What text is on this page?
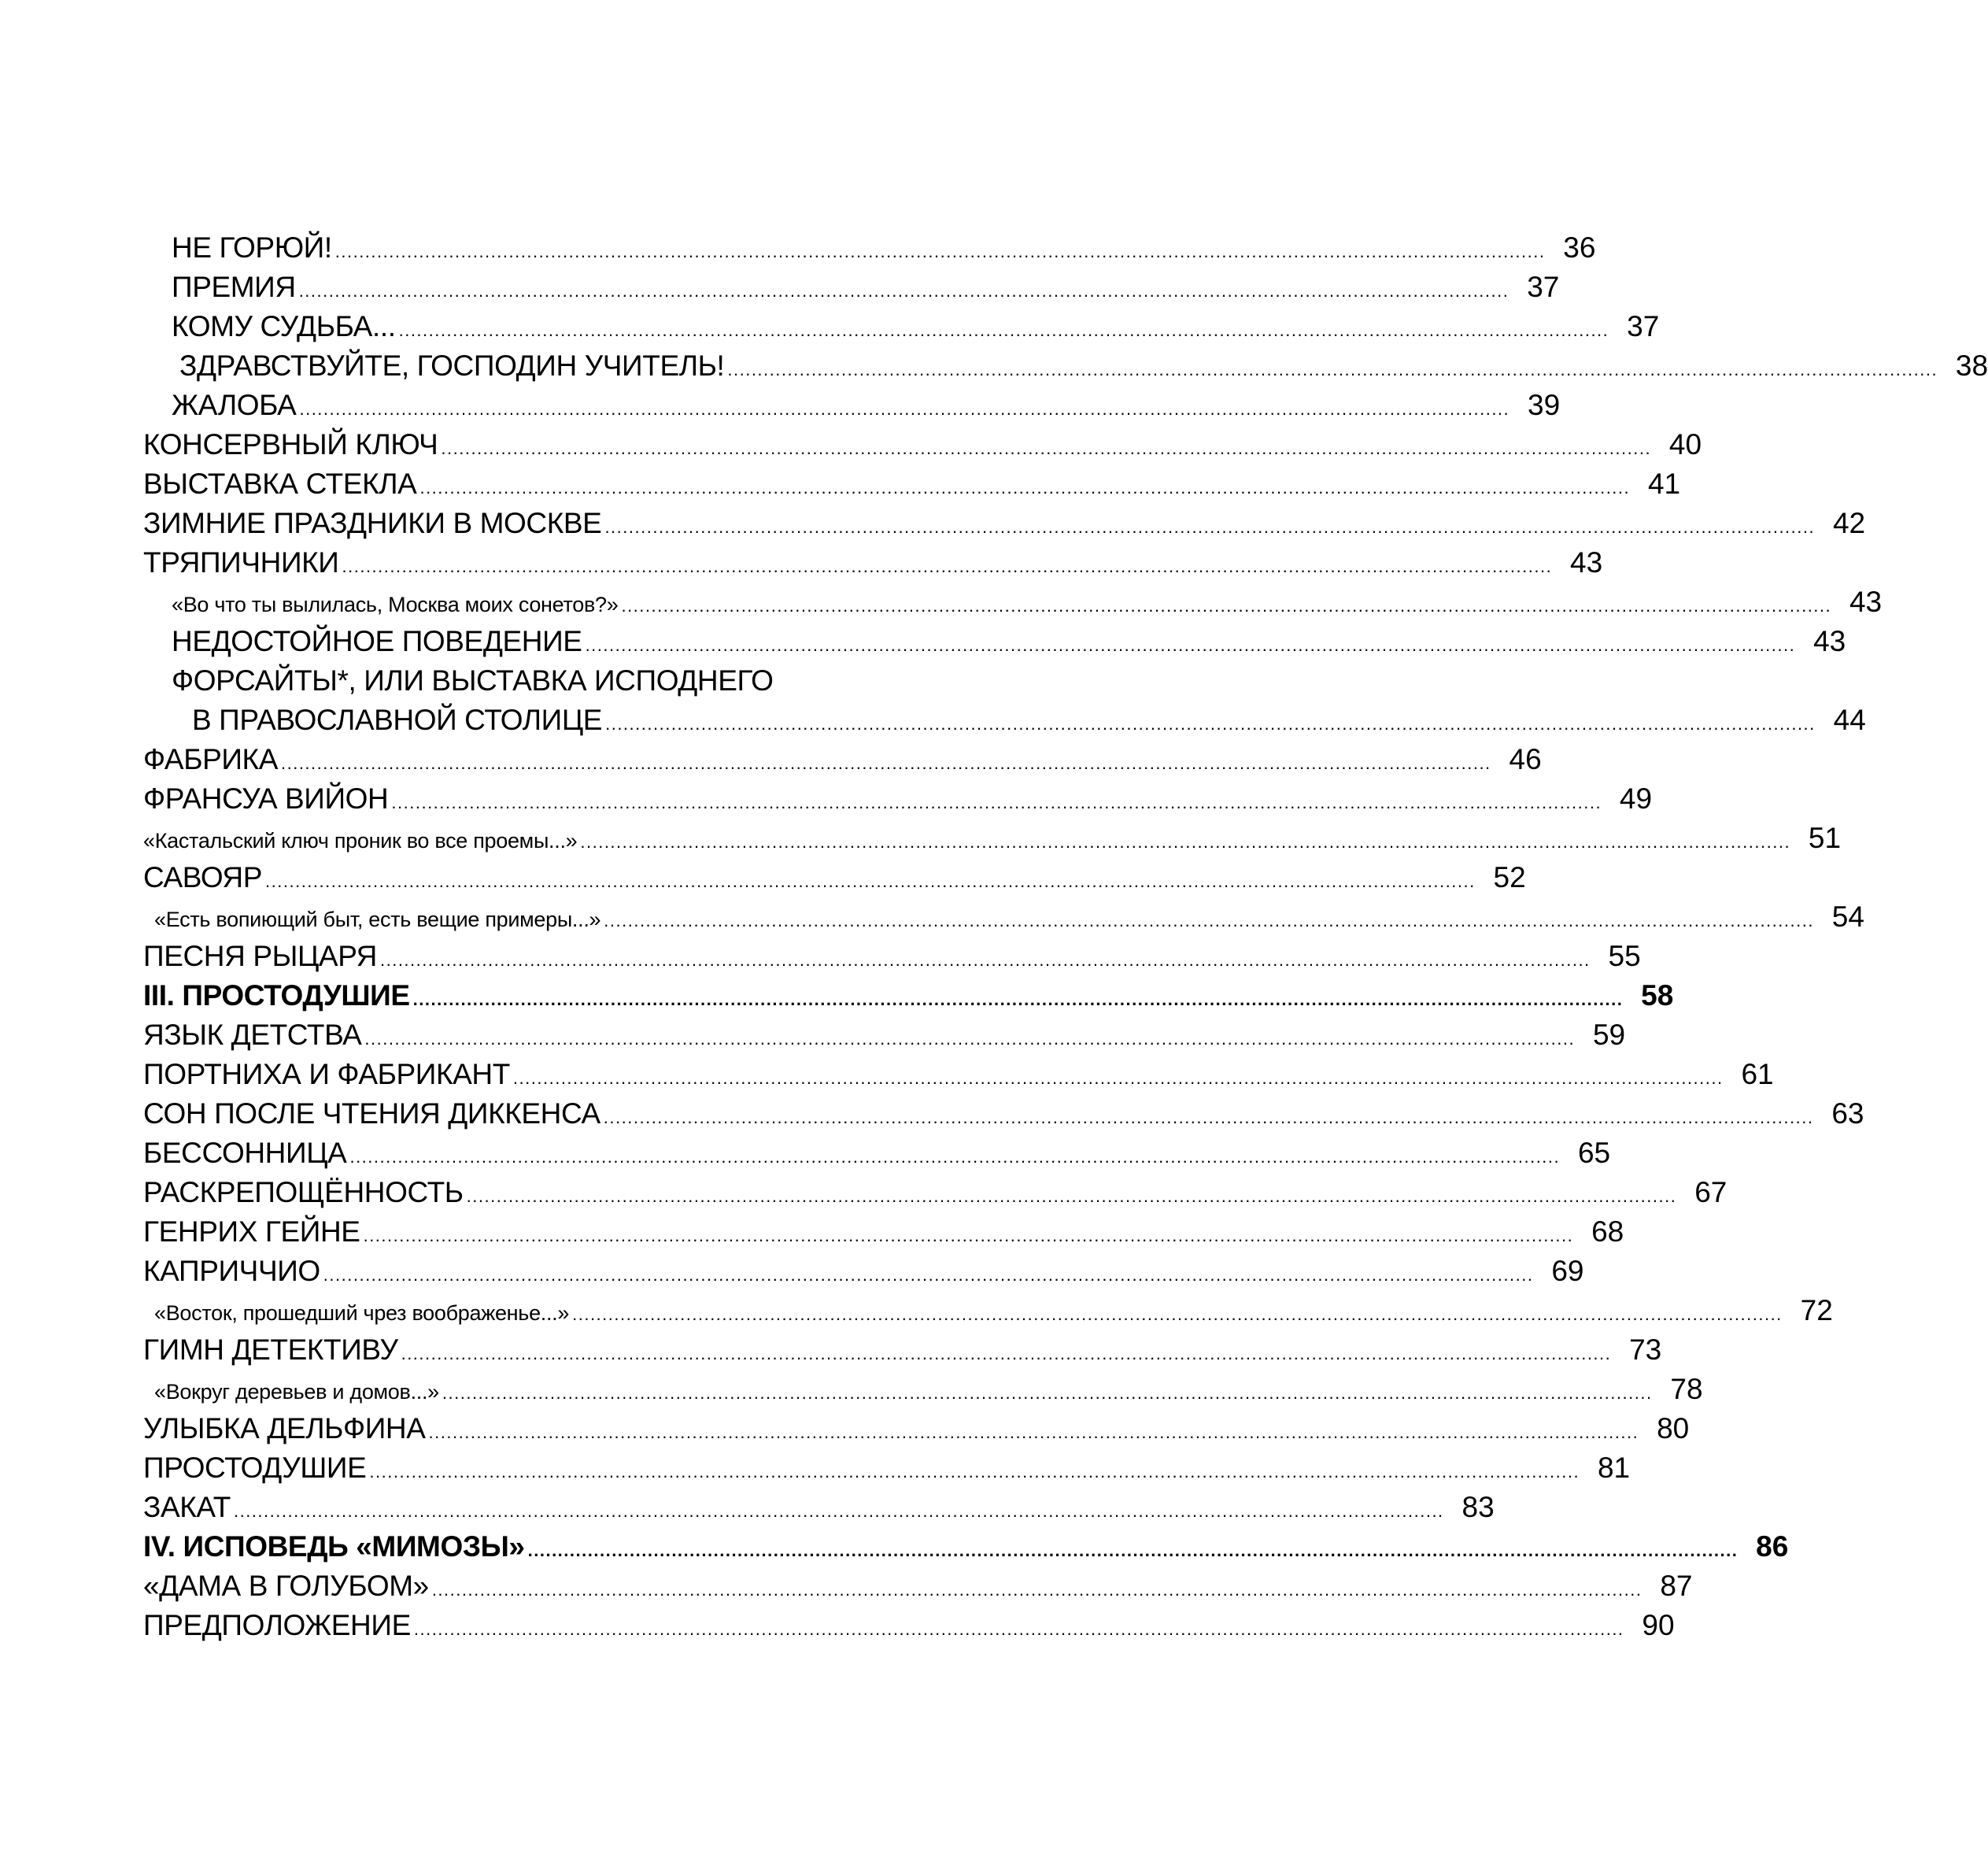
НЕ ГОРЮЙ! .......................................................................................................................................................................................................... 36
ПРЕМИЯ .......................................................................................................................................................................................................... 37
КОМУ СУДЬБА... .......................................................................................................................................................................................................... 37
ЗДРАВСТВУЙТЕ, ГОСПОДИН УЧИТЕЛЬ! .......................................................................................................................................................................................................... 38
ЖАЛОБА .......................................................................................................................................................................................................... 39
КОНСЕРВНЫЙ КЛЮЧ .......................................................................................................................................................................................................... 40
ВЫСТАВКА СТЕКЛА .......................................................................................................................................................................................................... 41
ЗИМНИЕ ПРАЗДНИКИ В МОСКВЕ .......................................................................................................................................................................................................... 42
ТРЯПИЧНИКИ .......................................................................................................................................................................................................... 43
«Во что ты вылилась, Москва моих сонетов?» .......................................................................................................................................................................................................... 43
НЕДОСТОЙНОЕ ПОВЕДЕНИЕ .......................................................................................................................................................................................................... 43
ФОРСАЙТЫ*, ИЛИ ВЫСТАВКА ИСПОДНЕГО
В ПРАВОСЛАВНОЙ СТОЛИЦЕ .......................................................................................................................................................................................................... 44
ФАБРИКА .......................................................................................................................................................................................................... 46
ФРАНСУА ВИЙОН .......................................................................................................................................................................................................... 49
«Кастальский ключ проник во все проемы...» .......................................................................................................................................................................................................... 51
САВОЯР .......................................................................................................................................................................................................... 52
«Есть вопиющий быт, есть вещие примеры...» .......................................................................................................................................................................................................... 54
ПЕСНЯ РЫЦАРЯ .......................................................................................................................................................................................................... 55
III. ПРОСТОДУШИЕ .......................................................................................................................................................................................................... 58
ЯЗЫК ДЕТСТВА .......................................................................................................................................................................................................... 59
ПОРТНИХА И ФАБРИКАНТ .......................................................................................................................................................................................................... 61
СОН ПОСЛЕ ЧТЕНИЯ ДИККЕНСА .......................................................................................................................................................................................................... 63
БЕССОННИЦА .......................................................................................................................................................................................................... 65
РАСКРЕПОЩЁННОСТЬ .......................................................................................................................................................................................................... 67
ГЕНРИХ ГЕЙНЕ .......................................................................................................................................................................................................... 68
КАПРИЧЧИО .......................................................................................................................................................................................................... 69
«Восток, прошедший чрез воображенье...» .......................................................................................................................................................................................................... 72
ГИМН ДЕТЕКТИВУ .......................................................................................................................................................................................................... 73
«Вокруг деревьев и домов...» .......................................................................................................................................................................................................... 78
УЛЫБКА ДЕЛЬФИНА .......................................................................................................................................................................................................... 80
ПРОСТОДУШИЕ .......................................................................................................................................................................................................... 81
ЗАКАТ .......................................................................................................................................................................................................... 83
IV. ИСПОВЕДЬ «МИМОЗЫ» .......................................................................................................................................................................................................... 86
«ДАМА В ГОЛУБОМ» .......................................................................................................................................................................................................... 87
ПРЕДПОЛОЖЕНИЕ .......................................................................................................................................................................................................... 90
